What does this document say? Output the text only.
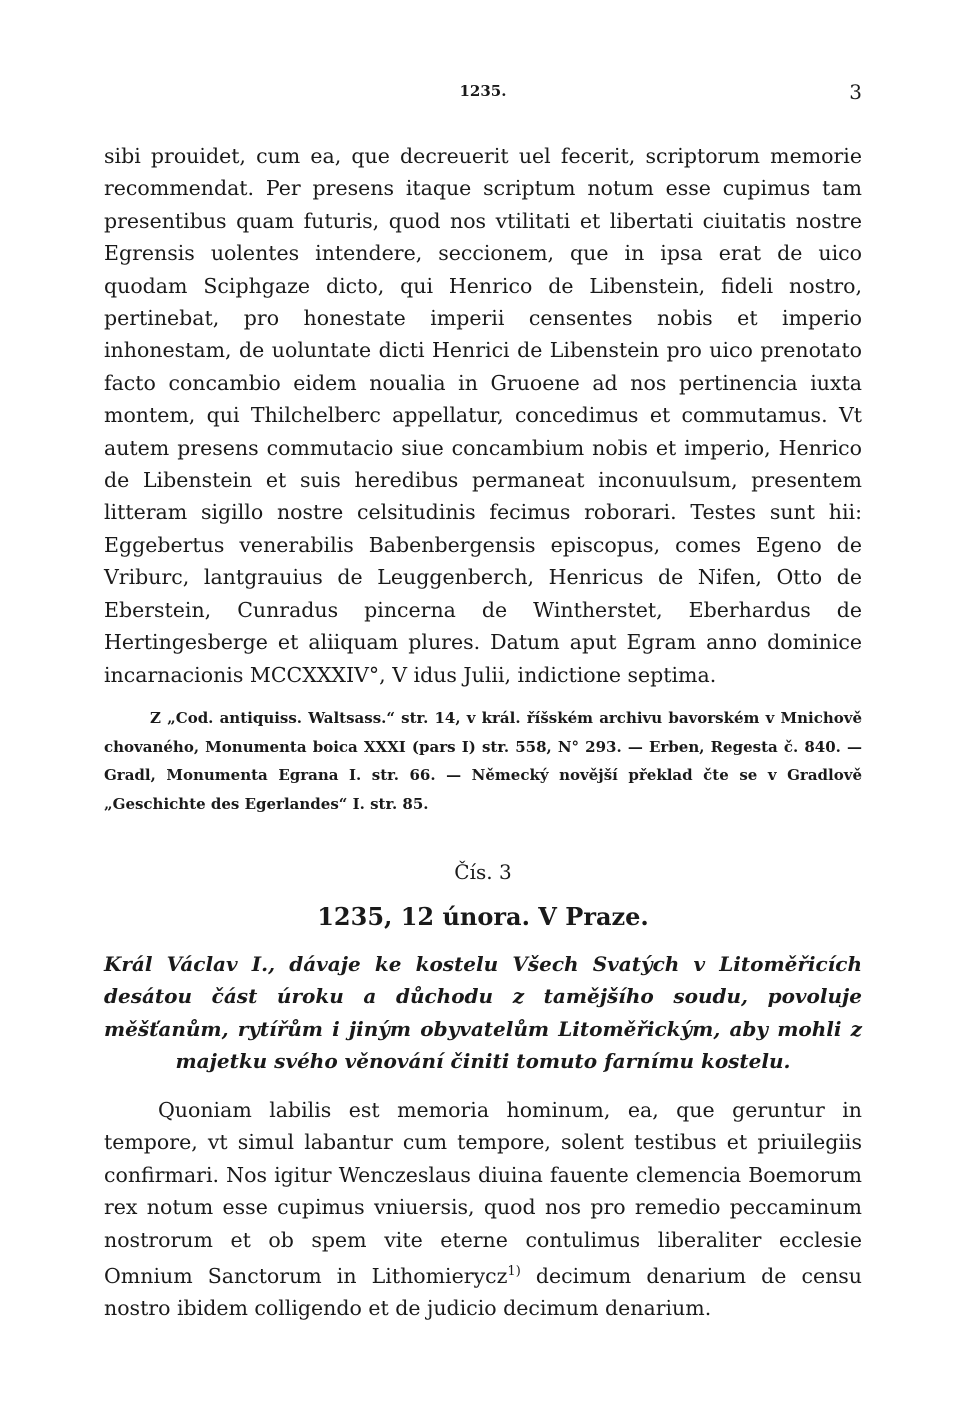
1235.	3

sibi prouidet, cum ea, que decreuerit uel fecerit, scriptorum memorie recommendat. Per presens itaque scriptum notum esse cupimus tam presentibus quam futuris, quod nos vtilitati et libertati ciuitatis nostre Egrensis uolentes intendere, seccionem, que in ipsa erat de uico quodam Sciphgaze dicto, qui Henrico de Libenstein, fideli nostro, pertinebat, pro honestate imperii censentes nobis et imperio inhonestam, de uoluntate dicti Henrici de Libenstein pro uico prenotato facto concambio eidem noualia in Gruoene ad nos pertinencia iuxta montem, qui Thilchelberc appellatur, concedimus et commutamus. Vt autem presens commutacio siue concambium nobis et imperio, Henrico de Libenstein et suis heredibus permaneat inconuulsum, presentem litteram sigillo nostre celsitudinis fecimus roborari. Testes sunt hii: Eggebertus venerabilis Babenbergensis episcopus, comes Egeno de Vriburc, lantgrauius de Leuggenberch, Henricus de Nifen, Otto de Eberstein, Cunradus pincerna de Wintherstet, Eberhardus de Hertingesberge et aliiquam plures. Datum aput Egram anno dominice incarnacionis MCCXXXIV°, V idus Julii, indictione septima.

Z „Cod. antiquiss. Waltsass.“ str. 14, v král. říšském archivu bavorském v Mnichově chovaného, Monumenta boica XXXI (pars I) str. 558, N° 293. — Erben, Regesta č. 840. — Gradl, Monumenta Egrana I. str. 66. — Německý novější překlad čte se v Gradlově „Geschichte des Egerlandes“ I. str. 85.

Čís. 3
1235, 12 února. V Praze.

Král Václav I., dávaje ke kostelu Všech Svatých v Litoměřicích desátou část úroku a důchodu z tamějšího soudu, povoluje měšťanům, rytířům i jiným obyvatelům Litoměřickým, aby mohli z majetku svého věnování činiti tomuto farnímu kostelu.

Quoniam labilis est memoria hominum, ea, que geruntur in tempore, vt simul labantur cum tempore, solent testibus et priuilegiis confirmari. Nos igitur Wenczeslaus diuina fauente clemencia Boemorum rex notum esse cupimus vniuersis, quod nos pro remedio peccaminum nostrorum et ob spem vite eterne contulimus liberaliter ecclesie Omnium Sanctorum in Lithomierycz$^{1)}$ decimum denarium de censu nostro ibidem colligendo et de judicio decimum denarium.
